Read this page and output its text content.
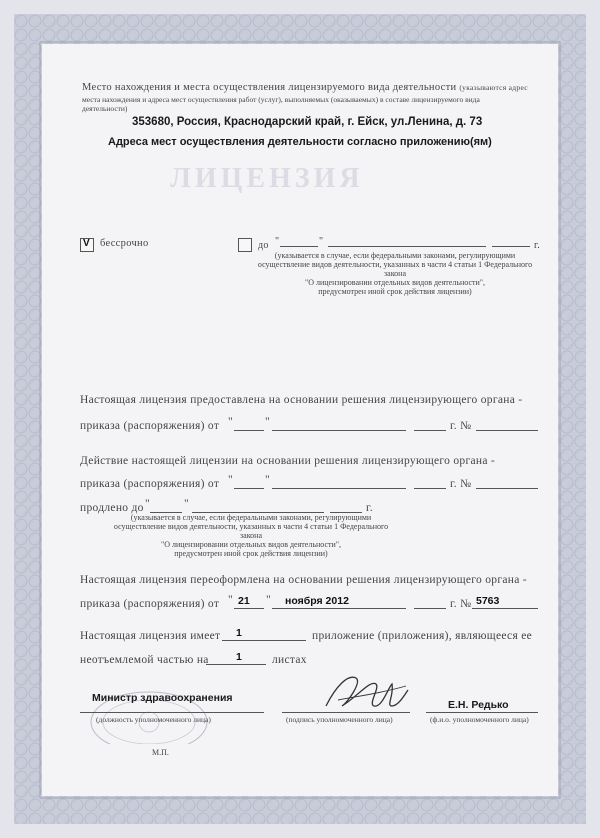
ЛИЦЕНЗИЯ
Место нахождения и места осуществления лицензируемого вида деятельности (указываются адрес
места нахождения и адреса мест осуществления работ (услуг), выполняемых (оказываемых) в составе лицензируемого вида
деятельности)
353680, Россия, Краснодарский край, г. Ейск, ул.Ленина, д. 73
Адреса мест осуществления деятельности согласно приложению(ям)
V бессрочно	до "	"	г.
(указывается в случае, если федеральными законами, регулирующими
осуществление видов деятельности, указанных в части 4 статьи 1 Федерального закона
"О лицензировании отдельных видов деятельности",
предусмотрен иной срок действия лицензии)
Настоящая лицензия предоставлена на основании решения лицензирующего органа -
приказа (распоряжения) от "	"	г. №
Действие настоящей лицензии на основании решения лицензирующего органа -
приказа (распоряжения) от "	"	г. №
продлено до "	"	г.
(указывается в случае, если федеральными законами, регулирующими
осуществление видов деятельности, указанных в части 4 статьи 1 Федерального закона
"О лицензировании отдельных видов деятельности",
предусмотрен иной срок действия лицензии)
Настоящая лицензия переоформлена на основании решения лицензирующего органа -
приказа (распоряжения) от " 21 " ноября 2012	г. № 5763
Настоящая лицензия имеет 1	приложение (приложения), являющееся ее
неотъемлемой частью на	1	листах
Министр здравоохранения
(должность уполномоченного лица)	(подпись уполномоченного лица)
Е.Н. Редько
(ф.и.о. уполномоченного лица)
М.П.
